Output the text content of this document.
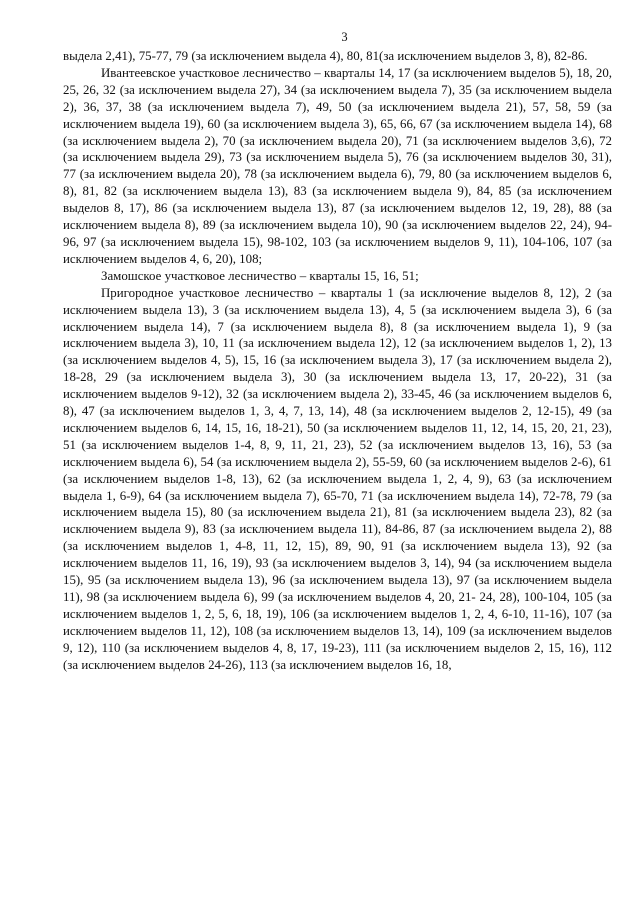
3

выдела 2,41), 75-77, 79 (за исключением выдела 4), 80, 81(за исключением выделов 3, 8), 82-86.

Ивантеевское участковое лесничество – кварталы 14, 17 (за исключением выделов 5), 18, 20, 25, 26, 32 (за исключением выдела 27), 34 (за исключением выдела 7), 35 (за исключением выдела 2), 36, 37, 38 (за исключением выдела 7), 49, 50 (за исключением выдела 21), 57, 58, 59 (за исключением выдела 19), 60 (за исключением выдела 3), 65, 66, 67 (за исключением выдела 14), 68 (за исключением выдела 2), 70 (за исключением выдела 20), 71 (за исключением выделов 3,6), 72 (за исключением выдела 29), 73 (за исключением выдела 5), 76 (за исключением выделов 30, 31), 77 (за исключением выдела 20), 78 (за исключением выдела 6), 79, 80 (за исключением выделов 6, 8), 81, 82 (за исключением выдела 13), 83 (за исключением выдела 9), 84, 85 (за исключением выделов 8, 17), 86 (за исключением выдела 13), 87 (за исключением выделов 12, 19, 28), 88 (за исключением выдела 8), 89 (за исключением выдела 10), 90 (за исключением выделов 22, 24), 94-96, 97 (за исключением выдела 15), 98-102, 103 (за исключением выделов 9, 11), 104-106, 107 (за исключением выделов 4, 6, 20), 108;

Замошское участковое лесничество – кварталы 15, 16, 51;

Пригородное участковое лесничество – кварталы 1 (за исключение выделов 8, 12), 2 (за исключением выдела 13), 3 (за исключением выдела 13), 4, 5 (за исключением выдела 3), 6 (за исключением выдела 14), 7 (за исключением выдела 8), 8 (за исключением выдела 1), 9 (за исключением выдела 3), 10, 11 (за исключением выдела 12), 12 (за исключением выделов 1, 2), 13 (за исключением выделов 4, 5), 15, 16 (за исключением выдела 3), 17 (за исключением выдела 2), 18-28, 29 (за исключением выдела 3), 30 (за исключением выдела 13, 17, 20-22), 31 (за исключением выделов 9-12), 32 (за исключением выдела 2), 33-45, 46 (за исключением выделов 6, 8), 47 (за исключением выделов 1, 3, 4, 7, 13, 14), 48 (за исключением выделов 2, 12-15), 49 (за исключением выделов 6, 14, 15, 16, 18-21), 50 (за исключением выделов 11, 12, 14, 15, 20, 21, 23), 51 (за исключением выделов 1-4, 8, 9, 11, 21, 23), 52 (за исключением выделов 13, 16), 53 (за исключением выдела 6), 54 (за исключением выдела 2), 55-59, 60 (за исключением выделов 2-6), 61 (за исключением выделов 1-8, 13), 62 (за исключением выдела 1, 2, 4, 9), 63 (за исключением выдела 1, 6-9), 64 (за исключением выдела 7), 65-70, 71 (за исключением выдела 14), 72-78, 79 (за исключением выдела 15), 80 (за исключением выдела 21), 81 (за исключением выдела 23), 82 (за исключением выдела 9), 83 (за исключением выдела 11), 84-86, 87 (за исключением выдела 2), 88 (за исключением выделов 1, 4-8, 11, 12, 15), 89, 90, 91 (за исключением выдела 13), 92 (за исключением выделов 11, 16, 19), 93 (за исключением выделов 3, 14), 94 (за исключением выдела 15), 95 (за исключением выдела 13), 96 (за исключением выдела 13), 97 (за исключением выдела 11), 98 (за исключением выдела 6), 99 (за исключением выделов 4, 20, 21- 24, 28), 100-104, 105 (за исключением выделов 1, 2, 5, 6, 18, 19), 106 (за исключением выделов 1, 2, 4, 6-10, 11-16), 107 (за исключением выделов 11, 12), 108 (за исключением выделов 13, 14), 109 (за исключением выделов 9, 12), 110 (за исключением выделов 4, 8, 17, 19-23), 111 (за исключением выделов 2, 15, 16), 112 (за исключением выделов 24-26), 113 (за исключением выделов 16, 18,
